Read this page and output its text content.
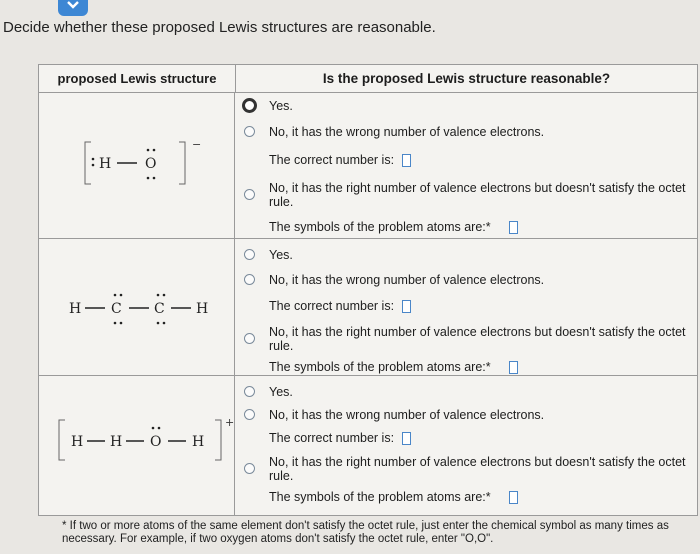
Decide whether these proposed Lewis structures are reasonable.
proposed Lewis structure	Is the proposed Lewis structure reasonable?
−
H O
Yes.
No, it has the wrong number of valence electrons.
The correct number is:
No, it has the right number of valence electrons but doesn't satisfy the octet rule.
The symbols of the problem atoms are:*
H C C H
Yes.
No, it has the wrong number of valence electrons.
The correct number is:
No, it has the right number of valence electrons but doesn't satisfy the octet rule.
The symbols of the problem atoms are:*
+
H H O H
Yes.
No, it has the wrong number of valence electrons.
The correct number is:
No, it has the right number of valence electrons but doesn't satisfy the octet rule.
The symbols of the problem atoms are:*
* If two or more atoms of the same element don't satisfy the octet rule, just enter the chemical symbol as many times as necessary. For example, if two oxygen atoms don't satisfy the octet rule, enter "O,O".
